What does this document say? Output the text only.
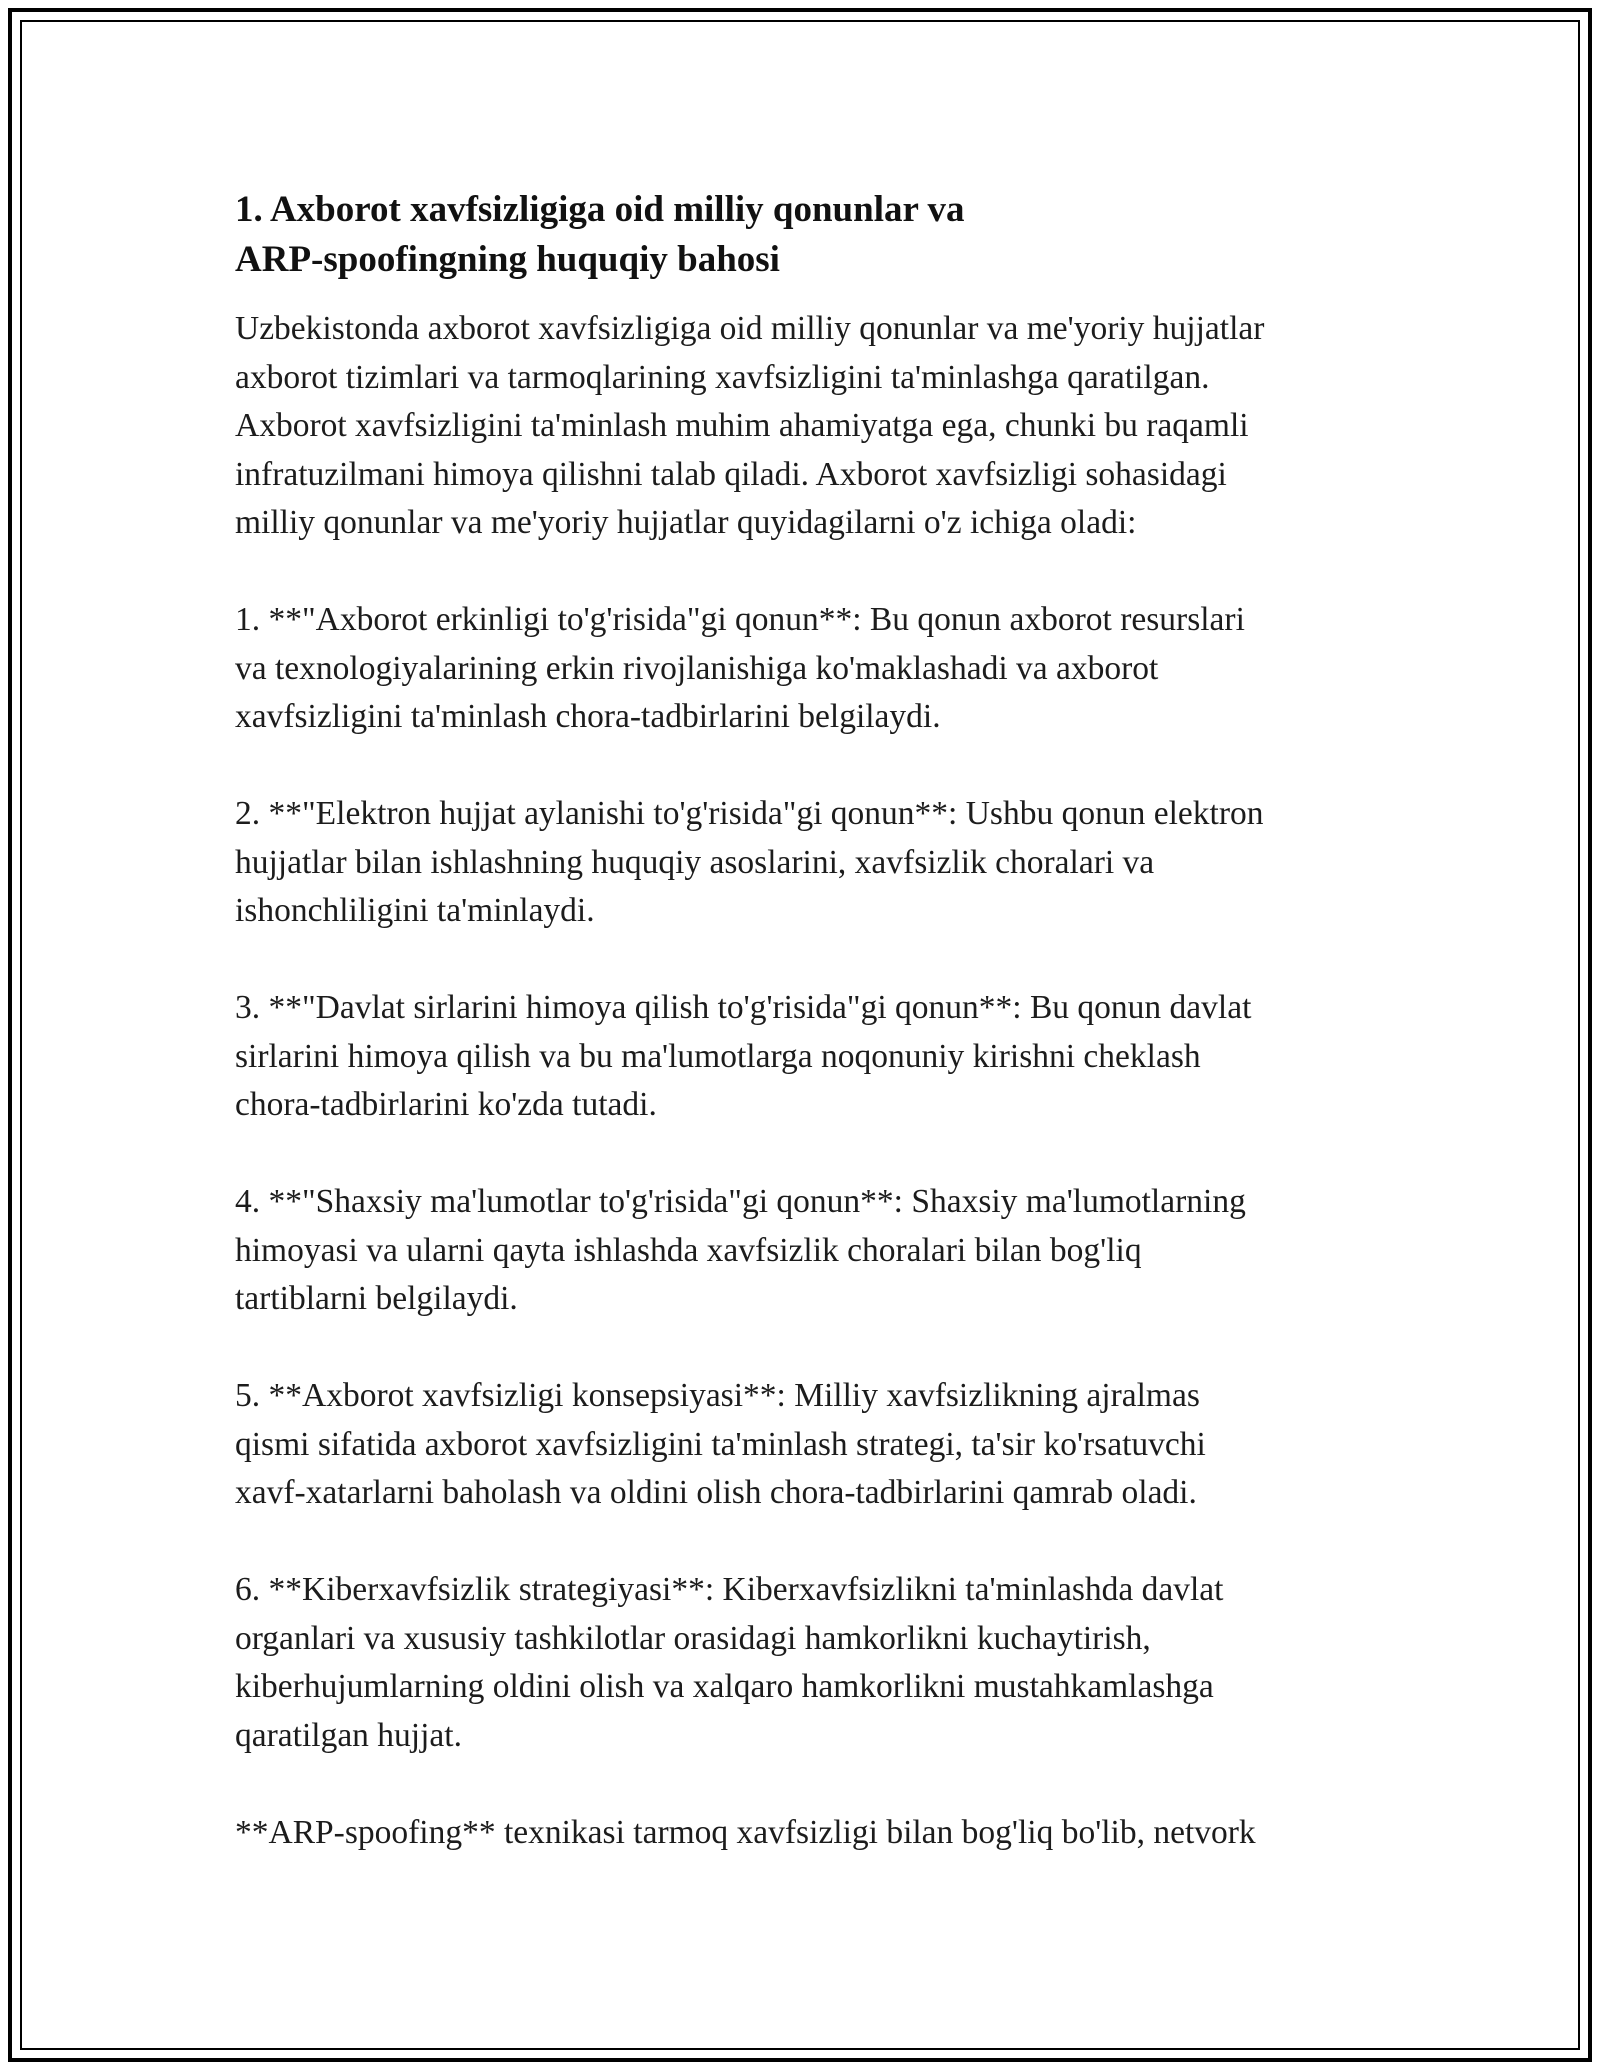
1. Axborot xavfsizligiga oid milliy qonunlar va
ARP-spoofingning huquqiy bahosi
Uzbekistonda axborot xavfsizligiga oid milliy qonunlar va me'yoriy hujjatlar
axborot tizimlari va tarmoqlarining xavfsizligini ta'minlashga qaratilgan.
Axborot xavfsizligini ta'minlash muhim ahamiyatga ega, chunki bu raqamli
infratuzilmani himoya qilishni talab qiladi. Axborot xavfsizligi sohasidagi
milliy qonunlar va me'yoriy hujjatlar quyidagilarni o'z ichiga oladi:
1. **"Axborot erkinligi to'g'risida"gi qonun**: Bu qonun axborot resurslari
va texnologiyalarining erkin rivojlanishiga ko'maklashadi va axborot
xavfsizligini ta'minlash chora-tadbirlarini belgilaydi.
2. **"Elektron hujjat aylanishi to'g'risida"gi qonun**: Ushbu qonun elektron
hujjatlar bilan ishlashning huquqiy asoslarini, xavfsizlik choralari va
ishonchliligini ta'minlaydi.
3. **"Davlat sirlarini himoya qilish to'g'risida"gi qonun**: Bu qonun davlat
sirlarini himoya qilish va bu ma'lumotlarga noqonuniy kirishni cheklash
chora-tadbirlarini ko'zda tutadi.
4. **"Shaxsiy ma'lumotlar to'g'risida"gi qonun**: Shaxsiy ma'lumotlarning
himoyasi va ularni qayta ishlashda xavfsizlik choralari bilan bog'liq
tartiblarni belgilaydi.
5. **Axborot xavfsizligi konsepsiyasi**: Milliy xavfsizlikning ajralmas
qismi sifatida axborot xavfsizligini ta'minlash strategi, ta'sir ko'rsatuvchi
xavf-xatarlarni baholash va oldini olish chora-tadbirlarini qamrab oladi.
6. **Kiberxavfsizlik strategiyasi**: Kiberxavfsizlikni ta'minlashda davlat
organlari va xususiy tashkilotlar orasidagi hamkorlikni kuchaytirish,
kiberhujumlarning oldini olish va xalqaro hamkorlikni mustahkamlashga
qaratilgan hujjat.
**ARP-spoofing** texnikasi tarmoq xavfsizligi bilan bog'liq bo'lib, netvork
